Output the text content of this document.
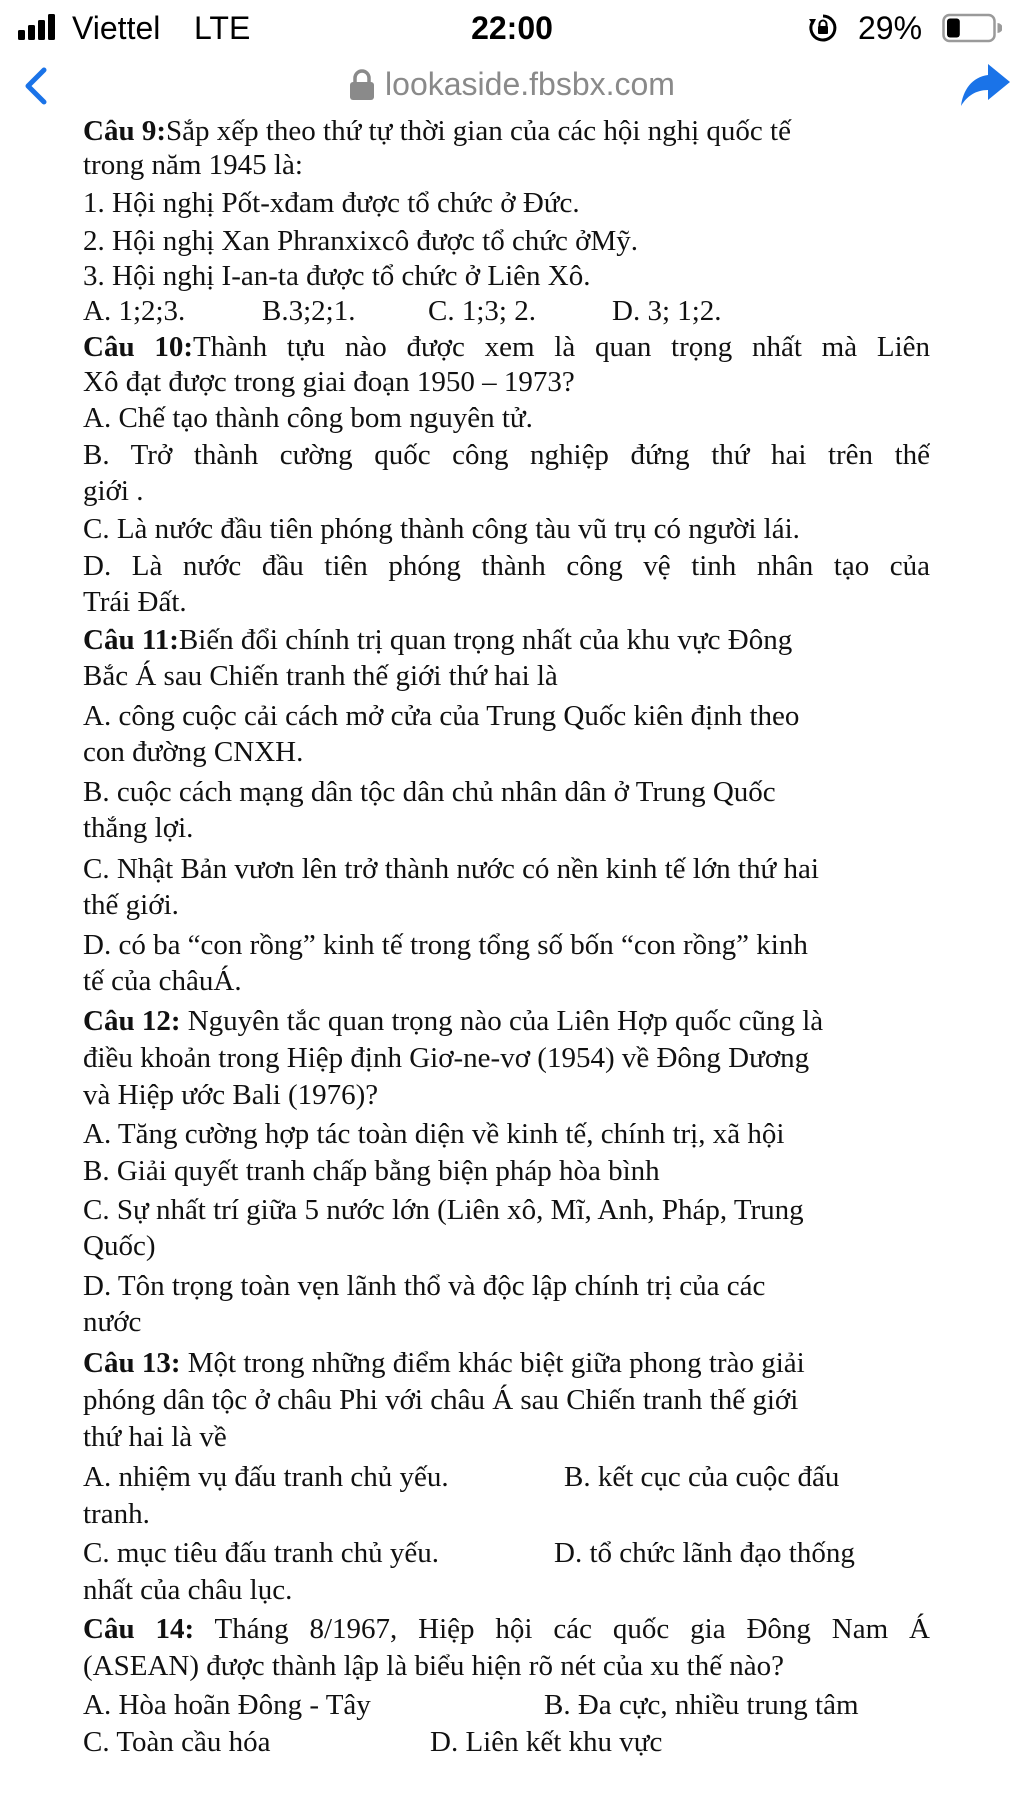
Viettel LTE	22:00	29%
lookaside.fbsbx.com
Câu 9:Sắp xếp theo thứ tự thời gian của các hội nghị quốc tế
trong năm 1945 là:
1. Hội nghị Pốt-xđam được tổ chức ở Đức.
2. Hội nghị Xan Phranxixcô được tổ chức ởMỹ.
3. Hội nghị I-an-ta được tổ chức ở Liên Xô.
A. 1;2;3.	B.3;2;1.	C. 1;3; 2.	D. 3; 1;2.
Câu 10:Thành tựu nào được xem là quan trọng nhất mà Liên
Xô đạt được trong giai đoạn 1950 – 1973?
A. Chế tạo thành công bom nguyên tử.
B. Trở thành cường quốc công nghiệp đứng thứ hai trên thế
giới .
C. Là nước đầu tiên phóng thành công tàu vũ trụ có người lái.
D. Là nước đầu tiên phóng thành công vệ tinh nhân tạo của
Trái Đất.
Câu 11:Biến đổi chính trị quan trọng nhất của khu vực Đông
Bắc Á sau Chiến tranh thế giới thứ hai là
A. công cuộc cải cách mở cửa của Trung Quốc kiên định theo
con đường CNXH.
B. cuộc cách mạng dân tộc dân chủ nhân dân ở Trung Quốc
thắng lợi.
C. Nhật Bản vươn lên trở thành nước có nền kinh tế lớn thứ hai
thế giới.
D. có ba “con rồng” kinh tế trong tổng số bốn “con rồng” kinh
tế của châuÁ.
Câu 12: Nguyên tắc quan trọng nào của Liên Hợp quốc cũng là
điều khoản trong Hiệp định Giơ-ne-vơ (1954) về Đông Dương
và Hiệp ước Bali (1976)?
A. Tăng cường hợp tác toàn diện về kinh tế, chính trị, xã hội
B. Giải quyết tranh chấp bằng biện pháp hòa bình
C. Sự nhất trí giữa 5 nước lớn (Liên xô, Mĩ, Anh, Pháp, Trung
Quốc)
D. Tôn trọng toàn vẹn lãnh thổ và độc lập chính trị của các
nước
Câu 13: Một trong những điểm khác biệt giữa phong trào giải
phóng dân tộc ở châu Phi với châu Á sau Chiến tranh thế giới
thứ hai là về
A. nhiệm vụ đấu tranh chủ yếu.	B. kết cục của cuộc đấu
tranh.
C. mục tiêu đấu tranh chủ yếu.	D. tổ chức lãnh đạo thống
nhất của châu lục.
Câu 14: Tháng 8/1967, Hiệp hội các quốc gia Đông Nam Á
(ASEAN) được thành lập là biểu hiện rõ nét của xu thế nào?
A. Hòa hoãn Đông - Tây	B. Đa cực, nhiều trung tâm
C. Toàn cầu hóa	D. Liên kết khu vực
